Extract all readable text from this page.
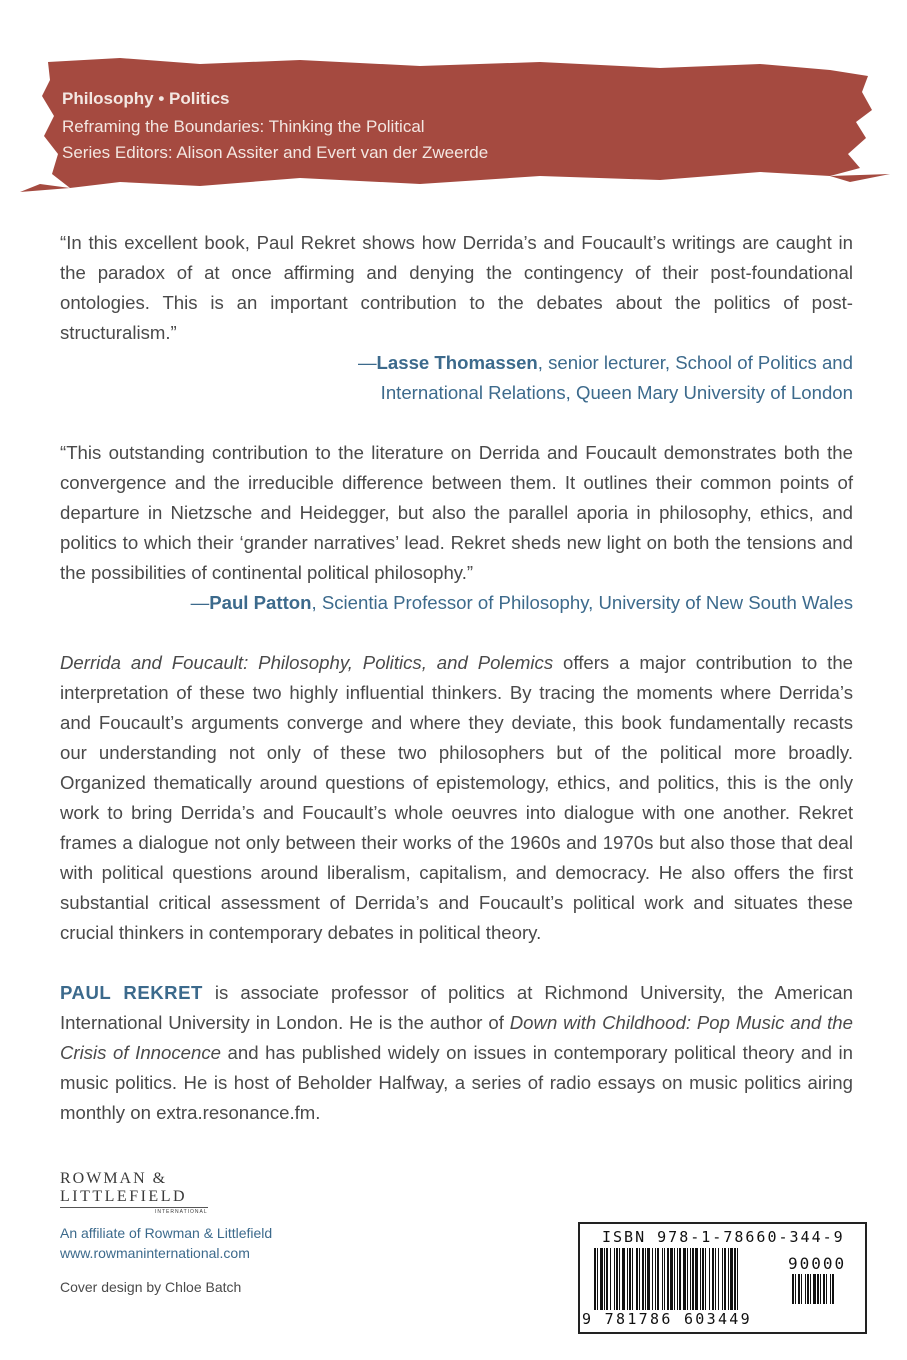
Philosophy • Politics
Reframing the Boundaries: Thinking the Political
Series Editors: Alison Assiter and Evert van der Zweerde

“In this excellent book, Paul Rekret shows how Derrida’s and Foucault’s writings are caught in the paradox of at once affirming and denying the contingency of their post-foundational ontologies. This is an important contribution to the debates about the politics of post-structuralism.”

—Lasse Thomassen, senior lecturer, School of Politics and
International Relations, Queen Mary University of London

“This outstanding contribution to the literature on Derrida and Foucault demonstrates both the convergence and the irreducible difference between them. It outlines their common points of departure in Nietzsche and Heidegger, but also the parallel aporia in philosophy, ethics, and politics to which their ‘grander narratives’ lead. Rekret sheds new light on both the tensions and the possibilities of continental political philosophy.”

—Paul Patton, Scientia Professor of Philosophy, University of New South Wales

Derrida and Foucault: Philosophy, Politics, and Polemics offers a major contribution to the interpretation of these two highly influential thinkers. By tracing the moments where Derrida’s and Foucault’s arguments converge and where they deviate, this book fundamentally recasts our understanding not only of these two philosophers but of the political more broadly. Organized thematically around questions of epistemology, ethics, and politics, this is the only work to bring Derrida’s and Foucault’s whole oeuvres into dialogue with one another. Rekret frames a dialogue not only between their works of the 1960s and 1970s but also those that deal with political questions around liberalism, capitalism, and democracy. He also offers the first substantial critical assessment of Derrida’s and Foucault’s political work and situates these crucial thinkers in contemporary debates in political theory.

PAUL REKRET is associate professor of politics at Richmond University, the American International University in London. He is the author of Down with Childhood: Pop Music and the Crisis of Innocence and has published widely on issues in contemporary political theory and in music politics. He is host of Beholder Halfway, a series of radio essays on music politics airing monthly on extra.resonance.fm.

ROWMAN &
LITTLEFIELD
INTERNATIONAL
An affiliate of Rowman & Littlefield
www.rowmaninternational.com
Cover design by Chloe Batch
ISBN 978-1-78660-344-9
90000
9 781786 603449
